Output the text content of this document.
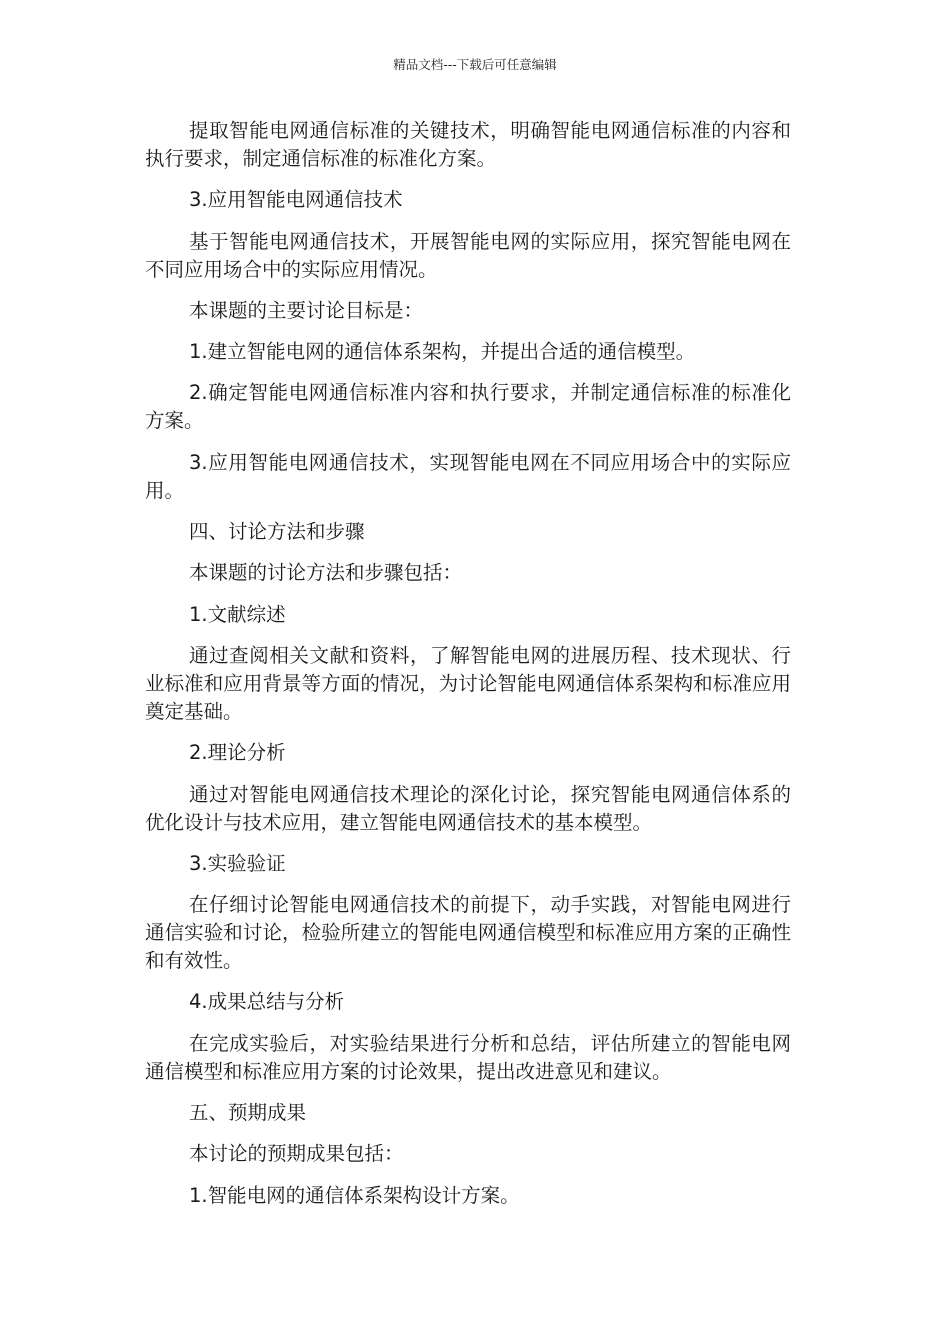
精品文档---下载后可任意编辑

提取智能电网通信标准的关键技术，明确智能电网通信标准的内容和执行要求，制定通信标准的标准化方案。

3.应用智能电网通信技术

基于智能电网通信技术，开展智能电网的实际应用，探究智能电网在不同应用场合中的实际应用情况。

本课题的主要讨论目标是：

1.建立智能电网的通信体系架构，并提出合适的通信模型。

2.确定智能电网通信标准内容和执行要求，并制定通信标准的标准化方案。

3.应用智能电网通信技术，实现智能电网在不同应用场合中的实际应用。

四、讨论方法和步骤

本课题的讨论方法和步骤包括：

1.文献综述

通过查阅相关文献和资料，了解智能电网的进展历程、技术现状、行业标准和应用背景等方面的情况，为讨论智能电网通信体系架构和标准应用奠定基础。

2.理论分析

通过对智能电网通信技术理论的深化讨论，探究智能电网通信体系的优化设计与技术应用，建立智能电网通信技术的基本模型。

3.实验验证

在仔细讨论智能电网通信技术的前提下，动手实践，对智能电网进行通信实验和讨论，检验所建立的智能电网通信模型和标准应用方案的正确性和有效性。

4.成果总结与分析

在完成实验后，对实验结果进行分析和总结，评估所建立的智能电网通信模型和标准应用方案的讨论效果，提出改进意见和建议。

五、预期成果

本讨论的预期成果包括：

1.智能电网的通信体系架构设计方案。
